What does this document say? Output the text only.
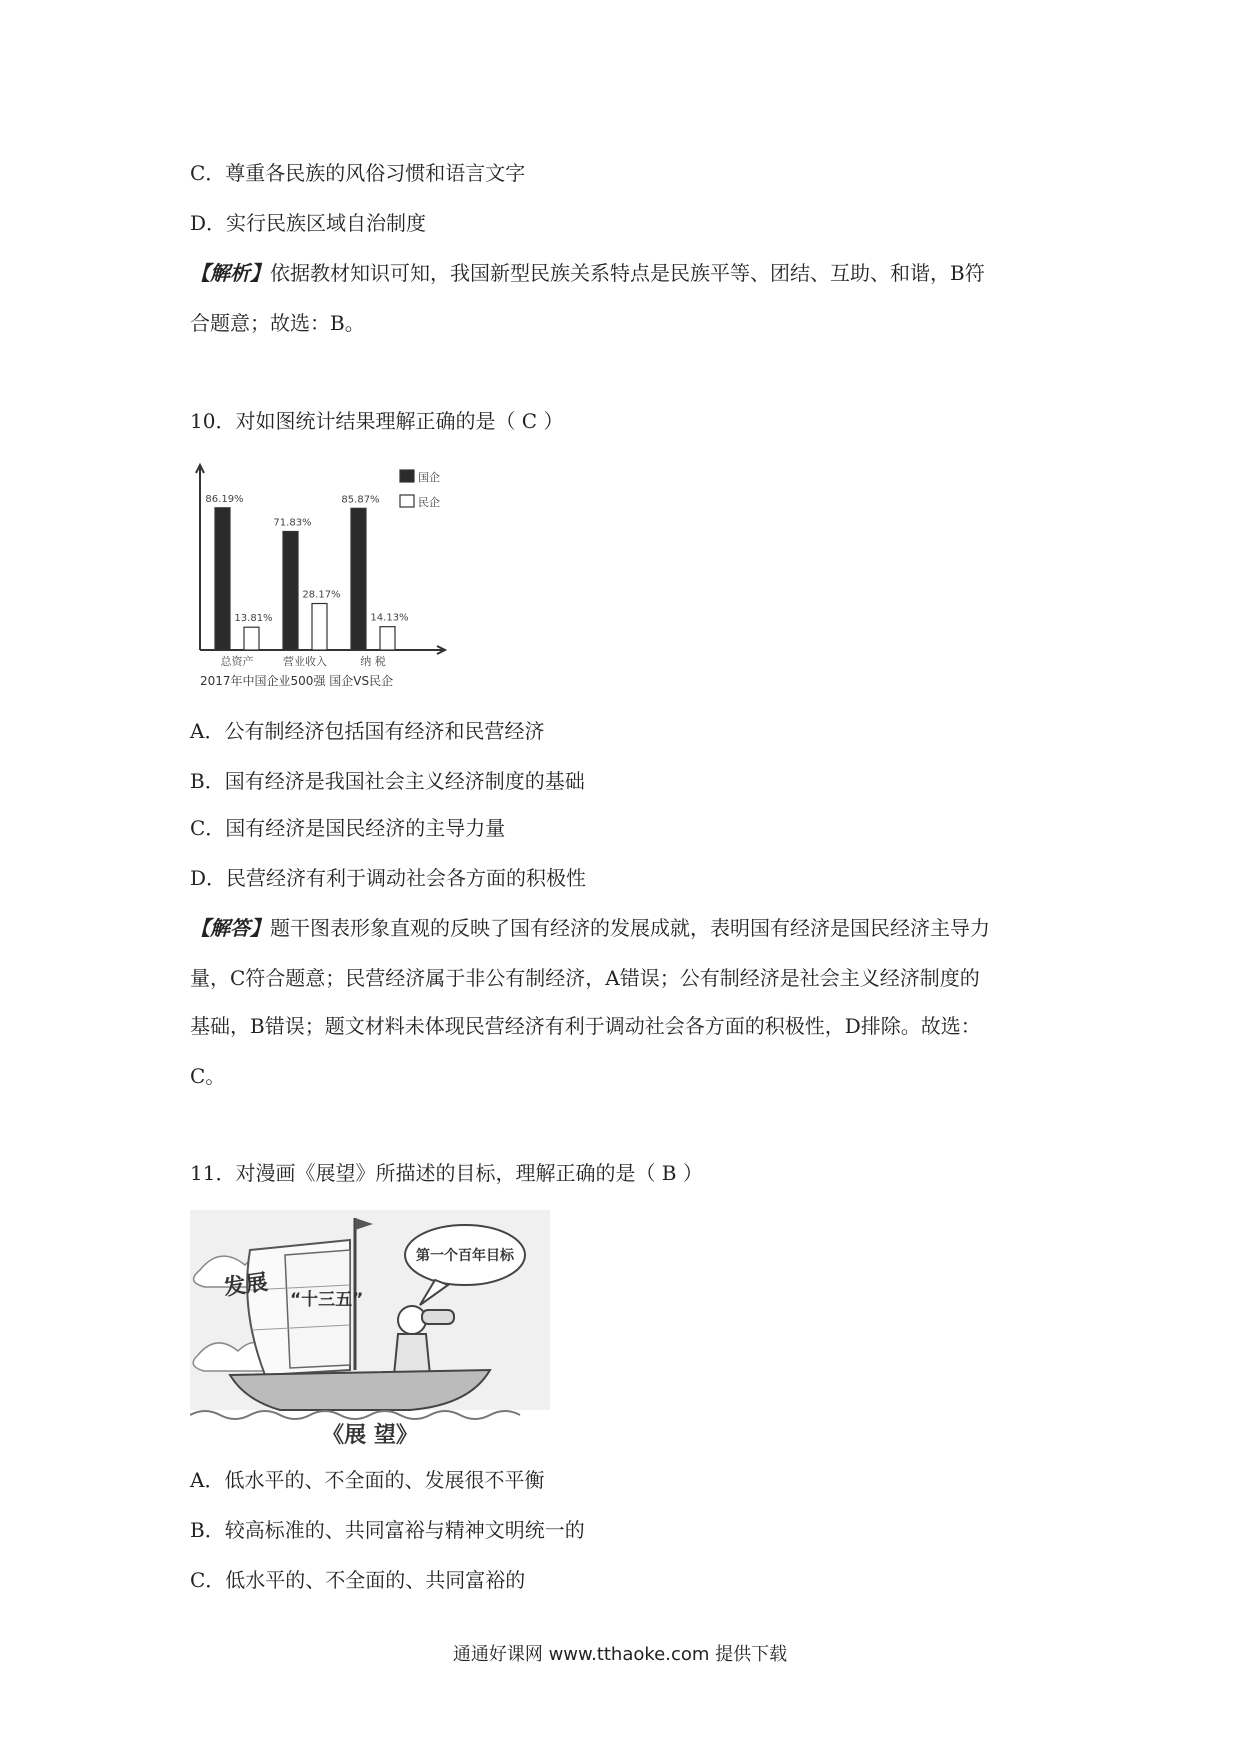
C．尊重各民族的风俗习惯和语言文字
D．实行民族区域自治制度
【解析】依据教材知识可知，我国新型民族关系特点是民族平等、团结、互助、和谐，B符
合题意；故选：B。
10．对如图统计结果理解正确的是（ C ）
86.19%
13.81%
总资产
71.83%
28.17%
营业收入
85.87%
14.13%
纳 税
2017年中国企业500强 国企VS民企
国企
民企
A．公有制经济包括国有经济和民营经济
B．国有经济是我国社会主义经济制度的基础
C．国有经济是国民经济的主导力量
D．民营经济有利于调动社会各方面的积极性
【解答】题干图表形象直观的反映了国有经济的发展成就，表明国有经济是国民经济主导力
量，C符合题意；民营经济属于非公有制经济，A错误；公有制经济是社会主义经济制度的
基础，B错误；题文材料未体现民营经济有利于调动社会各方面的积极性，D排除。故选：
C。
11．对漫画《展望》所描述的目标，理解正确的是（ B ）
发展 “十三五”
第一个百年目标
《展 望》
A．低水平的、不全面的、发展很不平衡
B．较高标准的、共同富裕与精神文明统一的
C．低水平的、不全面的、共同富裕的
通通好课网 www.tthaoke.com 提供下载
